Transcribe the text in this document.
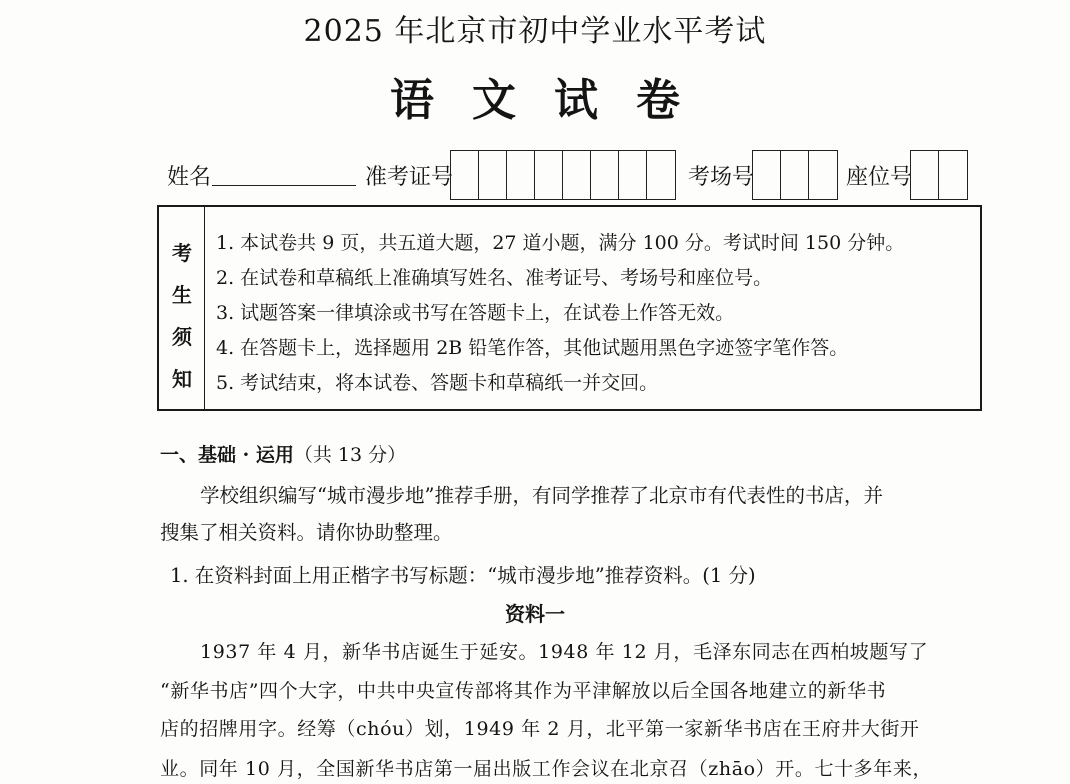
2025 年北京市初中学业水平考试
语文试卷
姓名	准考证号	考场号	座位号
考
生
须
知
1. 本试卷共 9 页，共五道大题，27 道小题，满分 100 分。考试时间 150 分钟。
2. 在试卷和草稿纸上准确填写姓名、准考证号、考场号和座位号。
3. 试题答案一律填涂或书写在答题卡上，在试卷上作答无效。
4. 在答题卡上，选择题用 2B 铅笔作答，其他试题用黑色字迹签字笔作答。
5. 考试结束，将本试卷、答题卡和草稿纸一并交回。
一、基础 · 运用（共 13 分）
学校组织编写“城市漫步地”推荐手册，有同学推荐了北京市有代表性的书店，并
搜集了相关资料。请你协助整理。
1. 在资料封面上用正楷字书写标题：“城市漫步地”推荐资料。(1 分)
资料一
1937 年 4 月，新华书店诞生于延安。1948 年 12 月，毛泽东同志在西柏坡题写了
“新华书店”四个大字，中共中央宣传部将其作为平津解放以后全国各地建立的新华书
店的招牌用字。经筹（chóu）划，1949 年 2 月，北平第一家新华书店在王府井大街开
业。同年 10 月，全国新华书店第一届出版工作会议在北京召（zhāo）开。七十多年来，
